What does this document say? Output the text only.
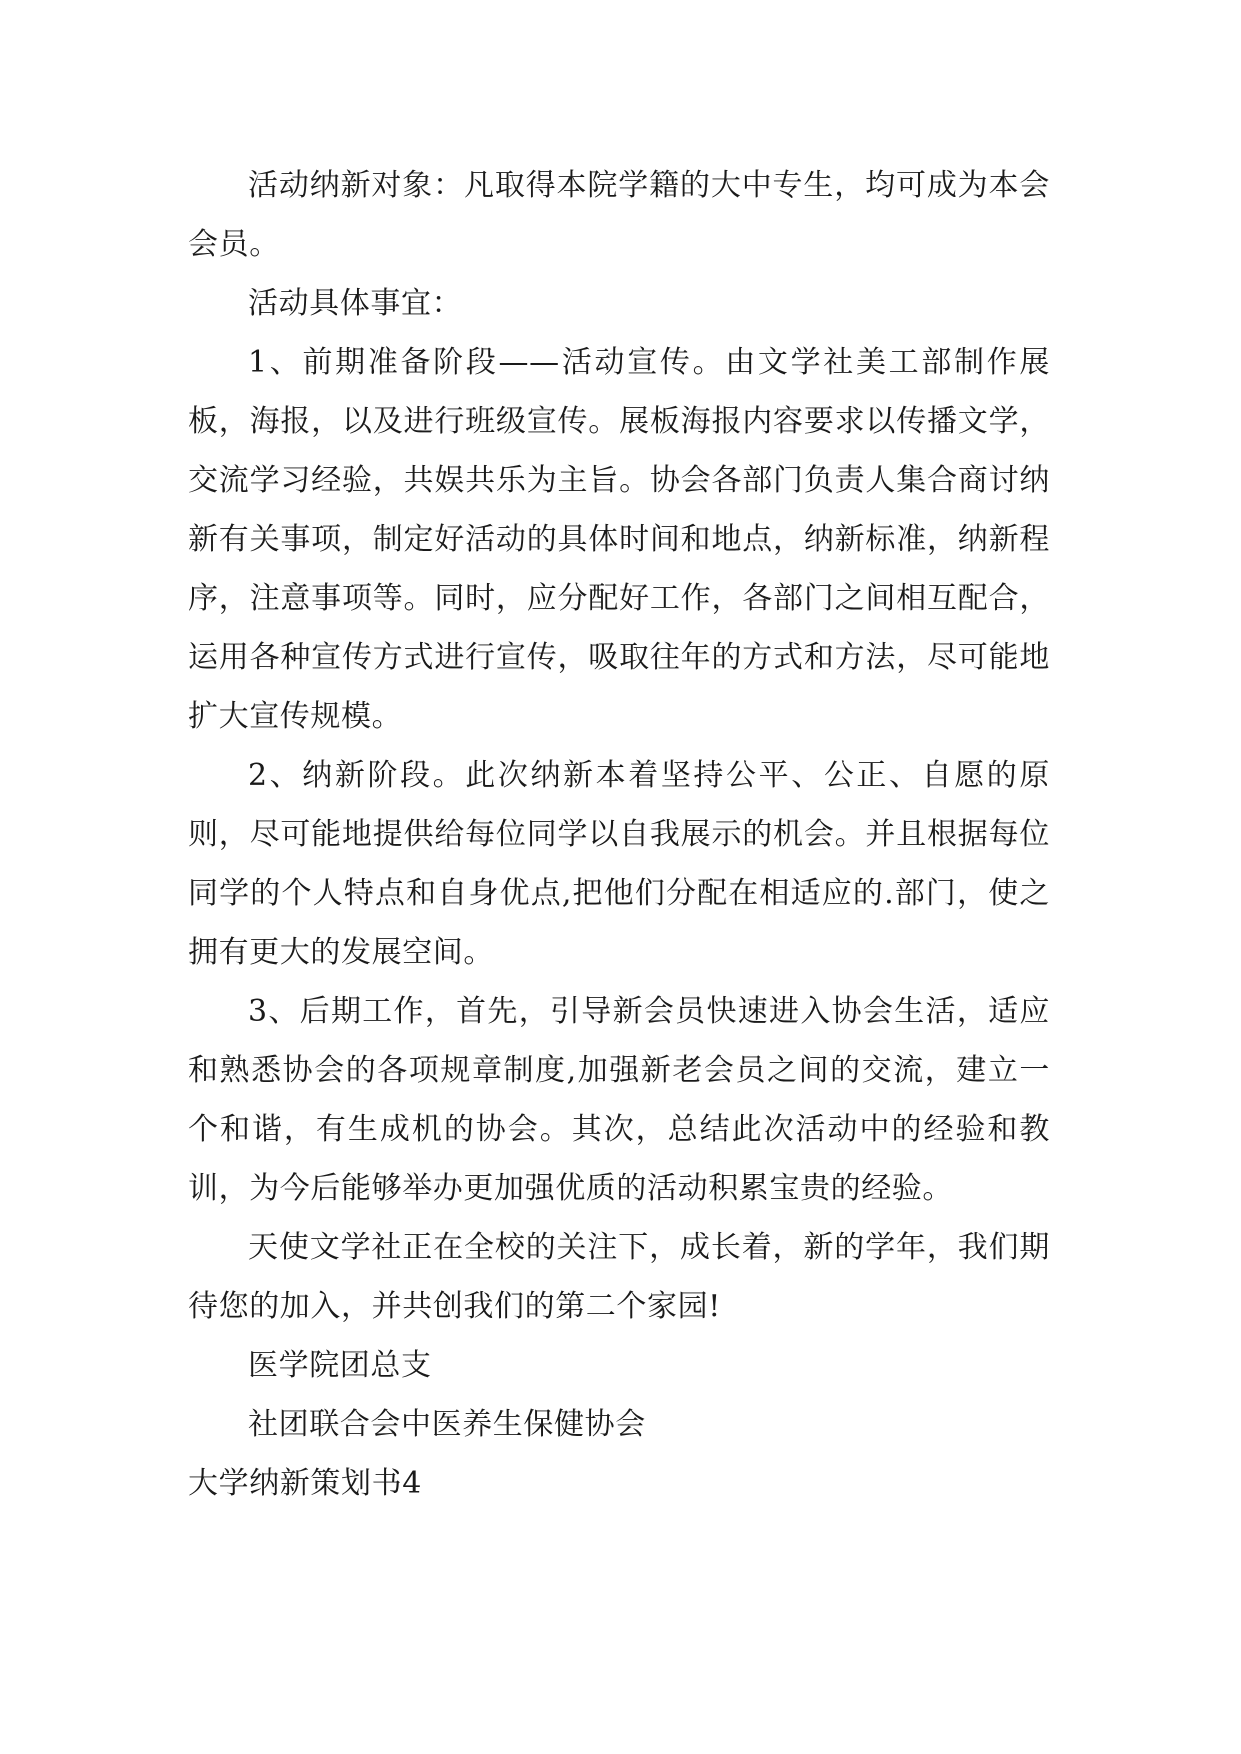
活动纳新对象：凡取得本院学籍的大中专生，均可成为本会会员。

活动具体事宜：

1、前期准备阶段——活动宣传。由文学社美工部制作展板，海报，以及进行班级宣传。展板海报内容要求以传播文学，交流学习经验，共娱共乐为主旨。协会各部门负责人集合商讨纳新有关事项，制定好活动的具体时间和地点，纳新标准，纳新程序，注意事项等。同时，应分配好工作，各部门之间相互配合，运用各种宣传方式进行宣传，吸取往年的方式和方法，尽可能地扩大宣传规模。

2、纳新阶段。此次纳新本着坚持公平、公正、自愿的原则，尽可能地提供给每位同学以自我展示的机会。并且根据每位同学的个人特点和自身优点,把他们分配在相适应的.部门，使之拥有更大的发展空间。

3、后期工作，首先，引导新会员快速进入协会生活，适应和熟悉协会的各项规章制度,加强新老会员之间的交流，建立一个和谐，有生成机的协会。其次，总结此次活动中的经验和教训，为今后能够举办更加强优质的活动积累宝贵的经验。

天使文学社正在全校的关注下，成长着，新的学年，我们期待您的加入，并共创我们的第二个家园!

医学院团总支

社团联合会中医养生保健协会

大学纳新策划书4
